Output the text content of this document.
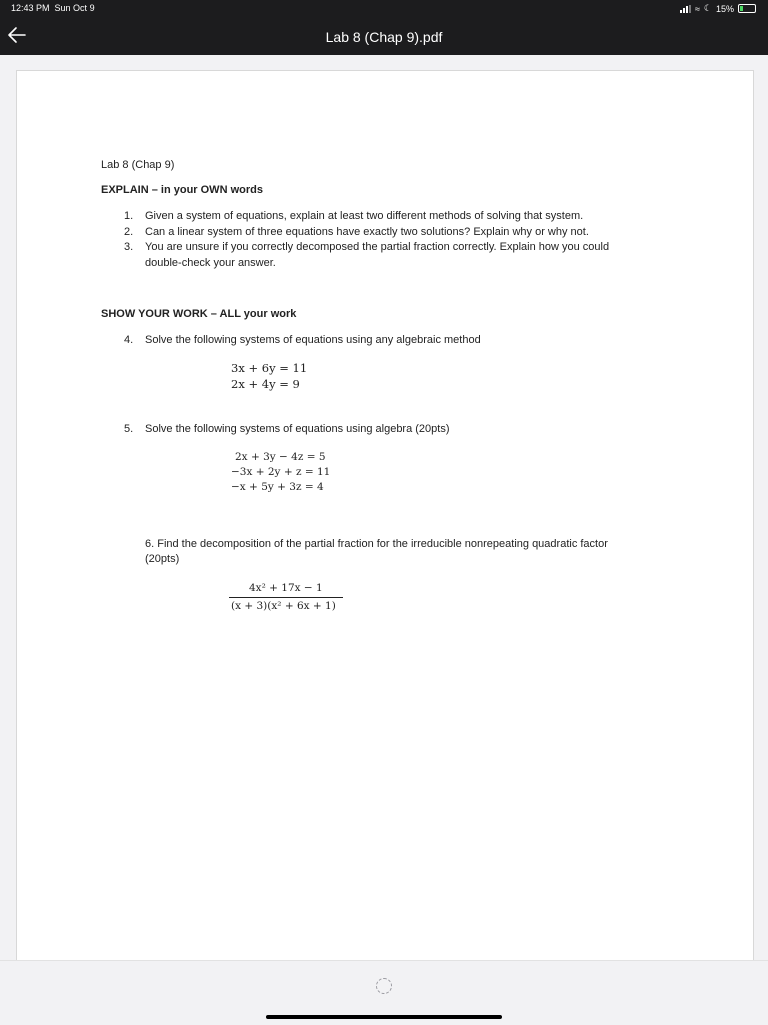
12:43 PM Sun Oct 9	≈ ☾ 15%
Lab 8 (Chap 9).pdf
Lab 8 (Chap 9)
EXPLAIN – in your OWN words
1. Given a system of equations, explain at least two different methods of solving that system.
2. Can a linear system of three equations have exactly two solutions? Explain why or why not.
3. You are unsure if you correctly decomposed the partial fraction correctly. Explain how you could
double-check your answer.
SHOW YOUR WORK – ALL your work
4. Solve the following systems of equations using any algebraic method
3x + 6y = 11
2x + 4y = 9
5. Solve the following systems of equations using algebra (20pts)
2x + 3y − 4z = 5
−3x + 2y + z = 11
−x + 5y + 3z = 4
6. Find the decomposition of the partial fraction for the irreducible nonrepeating quadratic factor
(20pts)
4x² + 17x − 1
(x + 3)(x² + 6x + 1)
